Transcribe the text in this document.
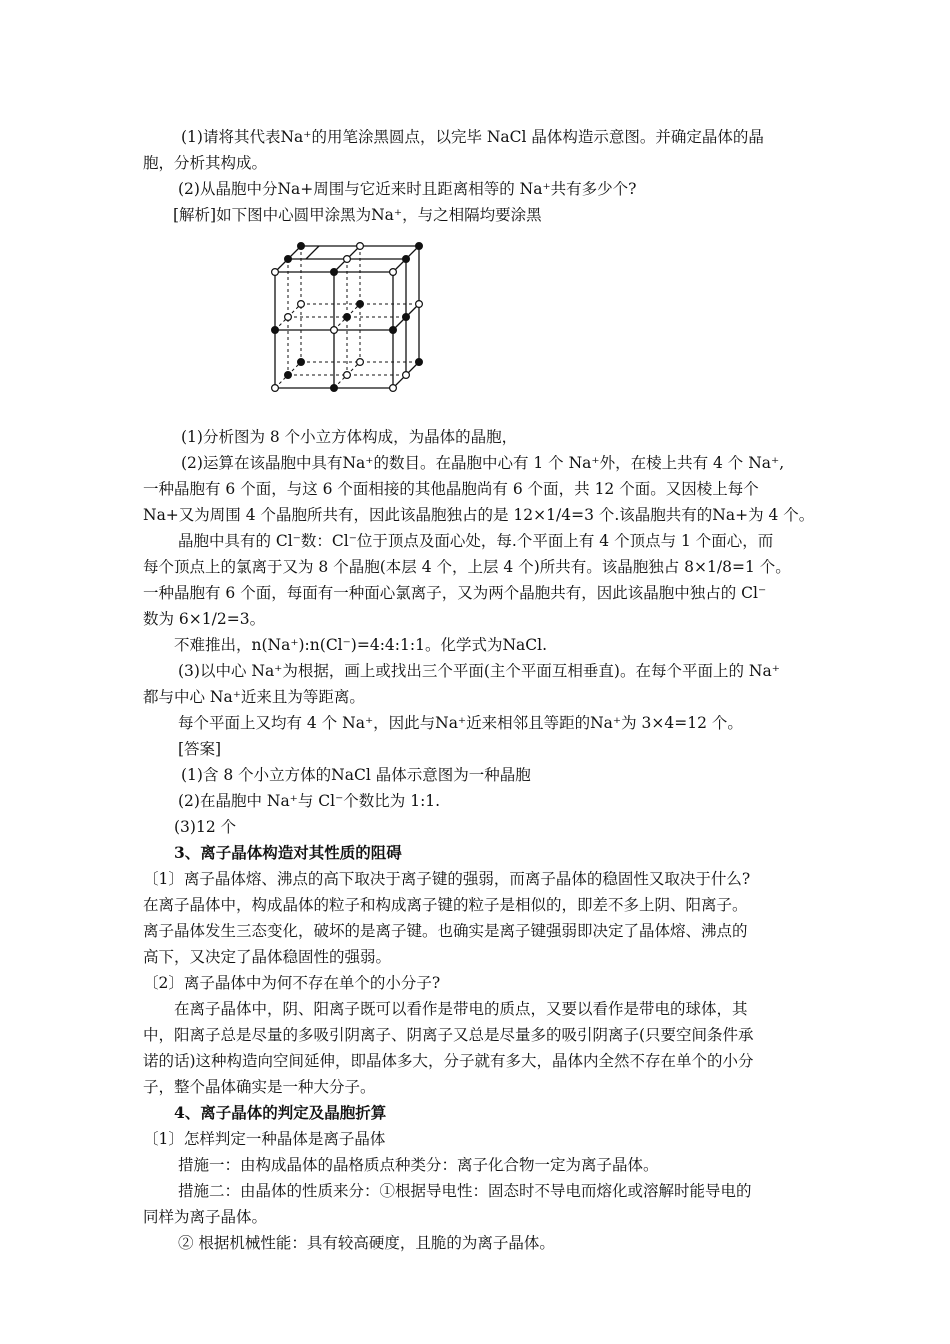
(1)请将其代表Na⁺的用笔涂黑圆点，以完毕 NaCl 晶体构造示意图。并确定晶体的晶
胞，分析其构成。
(2)从晶胞中分Na+周围与它近来时且距离相等的 Na⁺共有多少个?
[解析]如下图中心圆甲涂黑为Na⁺，与之相隔均要涂黑
(1)分析图为 8 个小立方体构成，为晶体的晶胞，
(2)运算在该晶胞中具有Na⁺的数目。在晶胞中心有 1 个 Na⁺外，在棱上共有 4 个 Na⁺,
一种晶胞有 6 个面，与这 6 个面相接的其他晶胞尚有 6 个面，共 12 个面。又因棱上每个
Na+又为周围 4 个晶胞所共有，因此该晶胞独占的是 12×1/4=3 个.该晶胞共有的Na+为 4 个。
晶胞中具有的 Cl⁻数：Cl⁻位于顶点及面心处，每.个平面上有 4 个顶点与 1 个面心，而
每个顶点上的氯离于又为 8 个晶胞(本层 4 个，上层 4 个)所共有。该晶胞独占 8×1/8=1 个。
一种晶胞有 6 个面，每面有一种面心氯离子，又为两个晶胞共有，因此该晶胞中独占的 Cl⁻
数为 6×1/2=3。
不难推出，n(Na⁺):n(Cl⁻)=4:4:1:1。化学式为NaCl.
(3)以中心 Na⁺为根据，画上或找出三个平面(主个平面互相垂直)。在每个平面上的 Na⁺
都与中心 Na⁺近来且为等距离。
每个平面上又均有 4 个 Na⁺，因此与Na⁺近来相邻且等距的Na⁺为 3×4=12 个。
[答案]
(1)含 8 个小立方体的NaCl 晶体示意图为一种晶胞
(2)在晶胞中 Na⁺与 Cl⁻个数比为 1:1.
(3)12 个
3、离子晶体构造对其性质的阻碍
〔1〕离子晶体熔、沸点的高下取决于离子键的强弱，而离子晶体的稳固性又取决于什么?
在离子晶体中，构成晶体的粒子和构成离子键的粒子是相似的，即差不多上阴、阳离子。
离子晶体发生三态变化，破坏的是离子键。也确实是离子键强弱即决定了晶体熔、沸点的
高下，又决定了晶体稳固性的强弱。
〔2〕离子晶体中为何不存在单个的小分子?
在离子晶体中，阴、阳离子既可以看作是带电的质点，又要以看作是带电的球体，其
中，阳离子总是尽量的多吸引阴离子、阴离子又总是尽量多的吸引阴离子(只要空间条件承
诺的话)这种构造向空间延伸，即晶体多大，分子就有多大，晶体内全然不存在单个的小分
子，整个晶体确实是一种大分子。
4、离子晶体的判定及晶胞折算
〔1〕怎样判定一种晶体是离子晶体
措施一：由构成晶体的晶格质点种类分：离子化合物一定为离子晶体。
措施二：由晶体的性质来分：①根据导电性：固态时不导电而熔化或溶解时能导电的
同样为离子晶体。
② 根据机械性能：具有较高硬度，且脆的为离子晶体。
